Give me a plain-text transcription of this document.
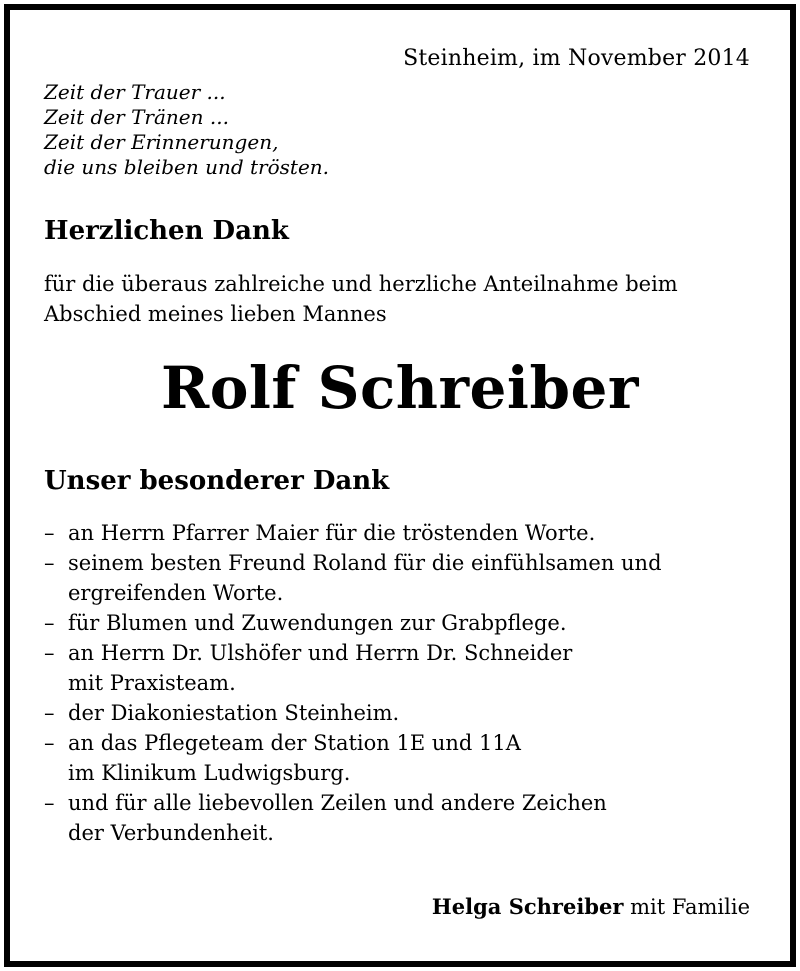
Steinheim, im November 2014
Zeit der Trauer ...
Zeit der Tränen ...
Zeit der Erinnerungen,
die uns bleiben und trösten.
Herzlichen Dank
für die überaus zahlreiche und herzliche Anteilnahme beim Abschied meines lieben Mannes
Rolf Schreiber
Unser besonderer Dank
– an Herrn Pfarrer Maier für die tröstenden Worte.
– seinem besten Freund Roland für die einfühlsamen und
ergreifenden Worte.
– für Blumen und Zuwendungen zur Grabpflege.
– an Herrn Dr. Ulshöfer und Herrn Dr. Schneider
mit Praxisteam.
– der Diakoniestation Steinheim.
– an das Pflegeteam der Station 1E und 11A
im Klinikum Ludwigsburg.
– und für alle liebevollen Zeilen und andere Zeichen
der Verbundenheit.
Helga Schreiber mit Familie
